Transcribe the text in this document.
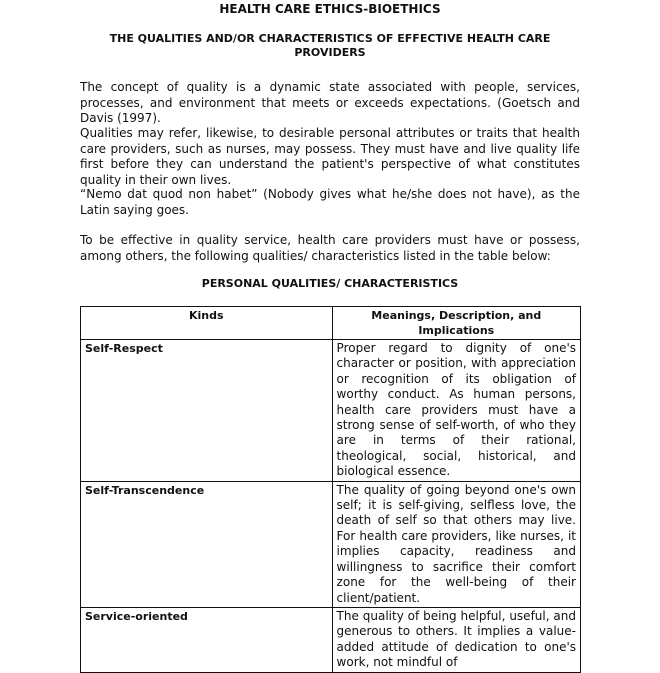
HEALTH CARE ETHICS-BIOETHICS
THE QUALITIES AND/OR CHARACTERISTICS OF EFFECTIVE HEALTH CARE PROVIDERS
The concept of quality is a dynamic state associated with people, services, processes, and environment that meets or exceeds expectations. (Goetsch and Davis (1997).
Qualities may refer, likewise, to desirable personal attributes or traits that health care providers, such as nurses, may possess. They must have and live quality life first before they can understand the patient's perspective of what constitutes quality in their own lives.
“Nemo dat quod non habet” (Nobody gives what he/she does not have), as the Latin saying goes.
To be effective in quality service, health care providers must have or possess, among others, the following qualities/ characteristics listed in the table below:
PERSONAL QUALITIES/ CHARACTERISTICS
Kinds	Meanings, Description, and Implications
Self-Respect	Proper regard to dignity of one's character or position, with appreciation or recognition of its obligation of worthy conduct. As human persons, health care providers must have a strong sense of self-worth, of who they are in terms of their rational, theological, social, historical, and biological essence.
Self-Transcendence	The quality of going beyond one's own self; it is self-giving, selfless love, the death of self so that others may live. For health care providers, like nurses, it implies capacity, readiness and willingness to sacrifice their comfort zone for the well-being of their client/patient.
Service-oriented	The quality of being helpful, useful, and generous to others. It implies a value-added attitude of dedication to one's work, not mindful of
